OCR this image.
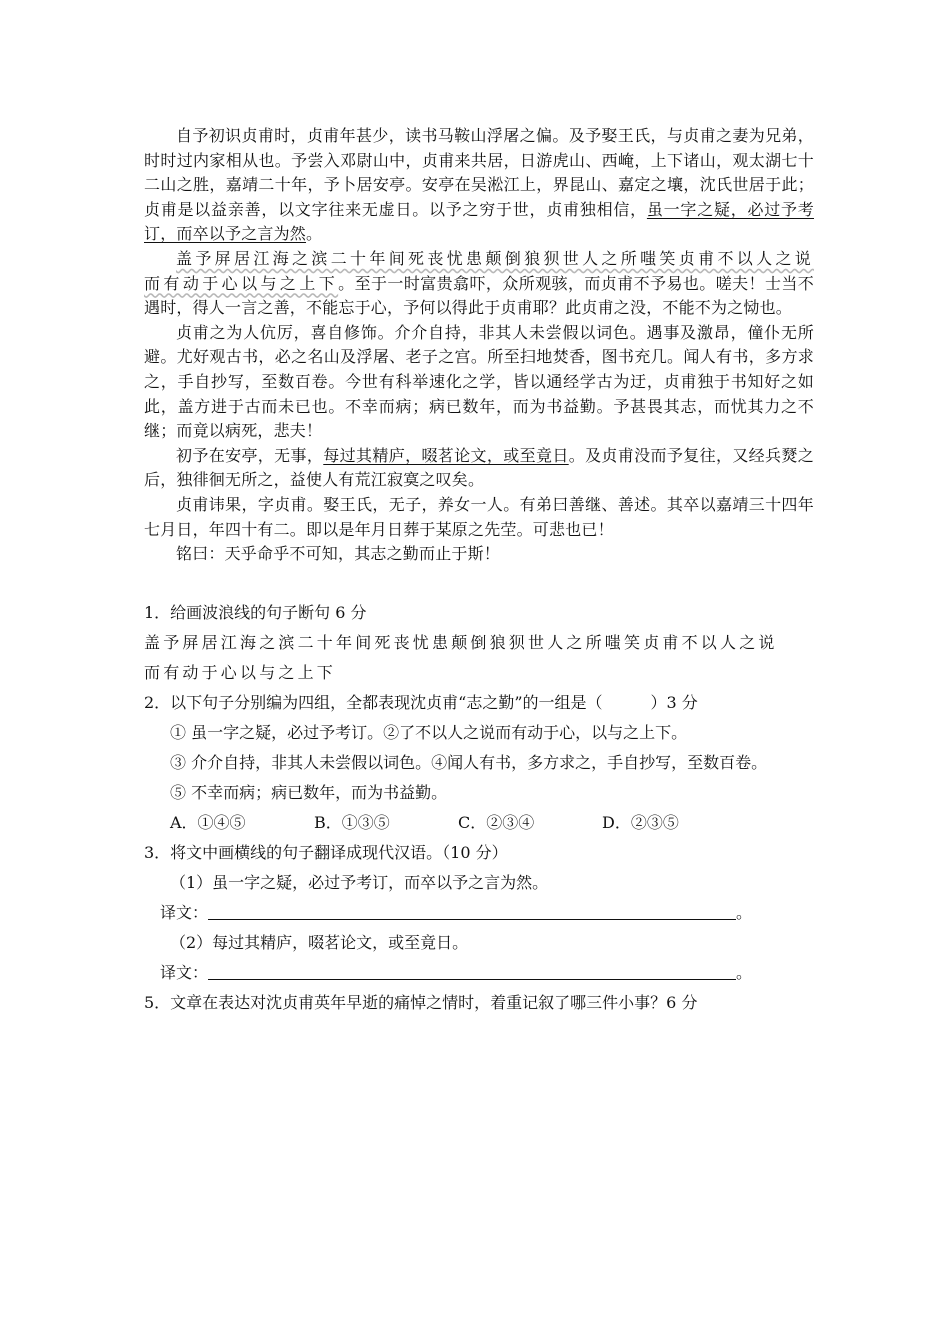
自予初识贞甫时，贞甫年甚少，读书马鞍山浮屠之偏。及予娶王氏，与贞甫之妻为兄弟，时时过内家相从也。予尝入邓尉山中，贞甫来共居，日游虎山、西崦，上下诸山，观太湖七十二山之胜，嘉靖二十年，予卜居安亭。安亭在吴淞江上，界昆山、嘉定之壤，沈氏世居于此；贞甫是以益亲善，以文字往来无虚日。以予之穷于世，贞甫独相信，虽一字之疑，必过予考订，而卒以予之言为然。

盖予屏居江海之滨二十年间死丧忧患颠倒狼狈世人之所嗤笑贞甫不以人之说而有动于心以与之上下。至于一时富贵翕吓，众所观骇，而贞甫不予易也。嗟夫！士当不遇时，得人一言之善，不能忘于心，予何以得此于贞甫耶？此贞甫之没，不能不为之恸也。

贞甫之为人伉厉，喜自修饰。介介自持，非其人未尝假以词色。遇事及激昂，僮仆无所避。尤好观古书，必之名山及浮屠、老子之宫。所至扫地焚香，图书充几。闻人有书，多方求之，手自抄写，至数百卷。今世有科举速化之学，皆以通经学古为迂，贞甫独于书知好之如此，盖方进于古而未已也。不幸而病；病已数年，而为书益勤。予甚畏其志，而忧其力之不继；而竟以病死，悲夫！

初予在安亭，无事，每过其精庐，啜茗论文，或至竟日。及贞甫没而予复往，又经兵燹之后，独徘徊无所之，益使人有荒江寂寞之叹矣。

贞甫讳果，字贞甫。娶王氏，无子，养女一人。有弟曰善继、善述。其卒以嘉靖三十四年七月日，年四十有二。即以是年月日葬于某原之先茔。可悲也已！

铭曰：天乎命乎不可知，其志之勤而止于斯！

1．给画波浪线的句子断句 6 分
盖予屏居江海之滨二十年间死丧忧患颠倒狼狈世人之所嗤笑贞甫不以人之说
而有动于心以与之上下
2．以下句子分别编为四组，全都表现沈贞甫“志之勤”的一组是（　　　）3 分
① 虽一字之疑，必过予考订。②了不以人之说而有动于心，以与之上下。
③ 介介自持，非其人未尝假以词色。④闻人有书，多方求之，手自抄写，至数百卷。
⑤ 不幸而病；病已数年，而为书益勤。
A．①④⑤	B．①③⑤	C．②③④	D．②③⑤
3．将文中画横线的句子翻译成现代汉语。（10 分）
（1）虽一字之疑，必过予考订，而卒以予之言为然。
译文：	。
（2）每过其精庐，啜茗论文，或至竟日。
译文：	。
5．文章在表达对沈贞甫英年早逝的痛悼之情时，着重记叙了哪三件小事？6 分
